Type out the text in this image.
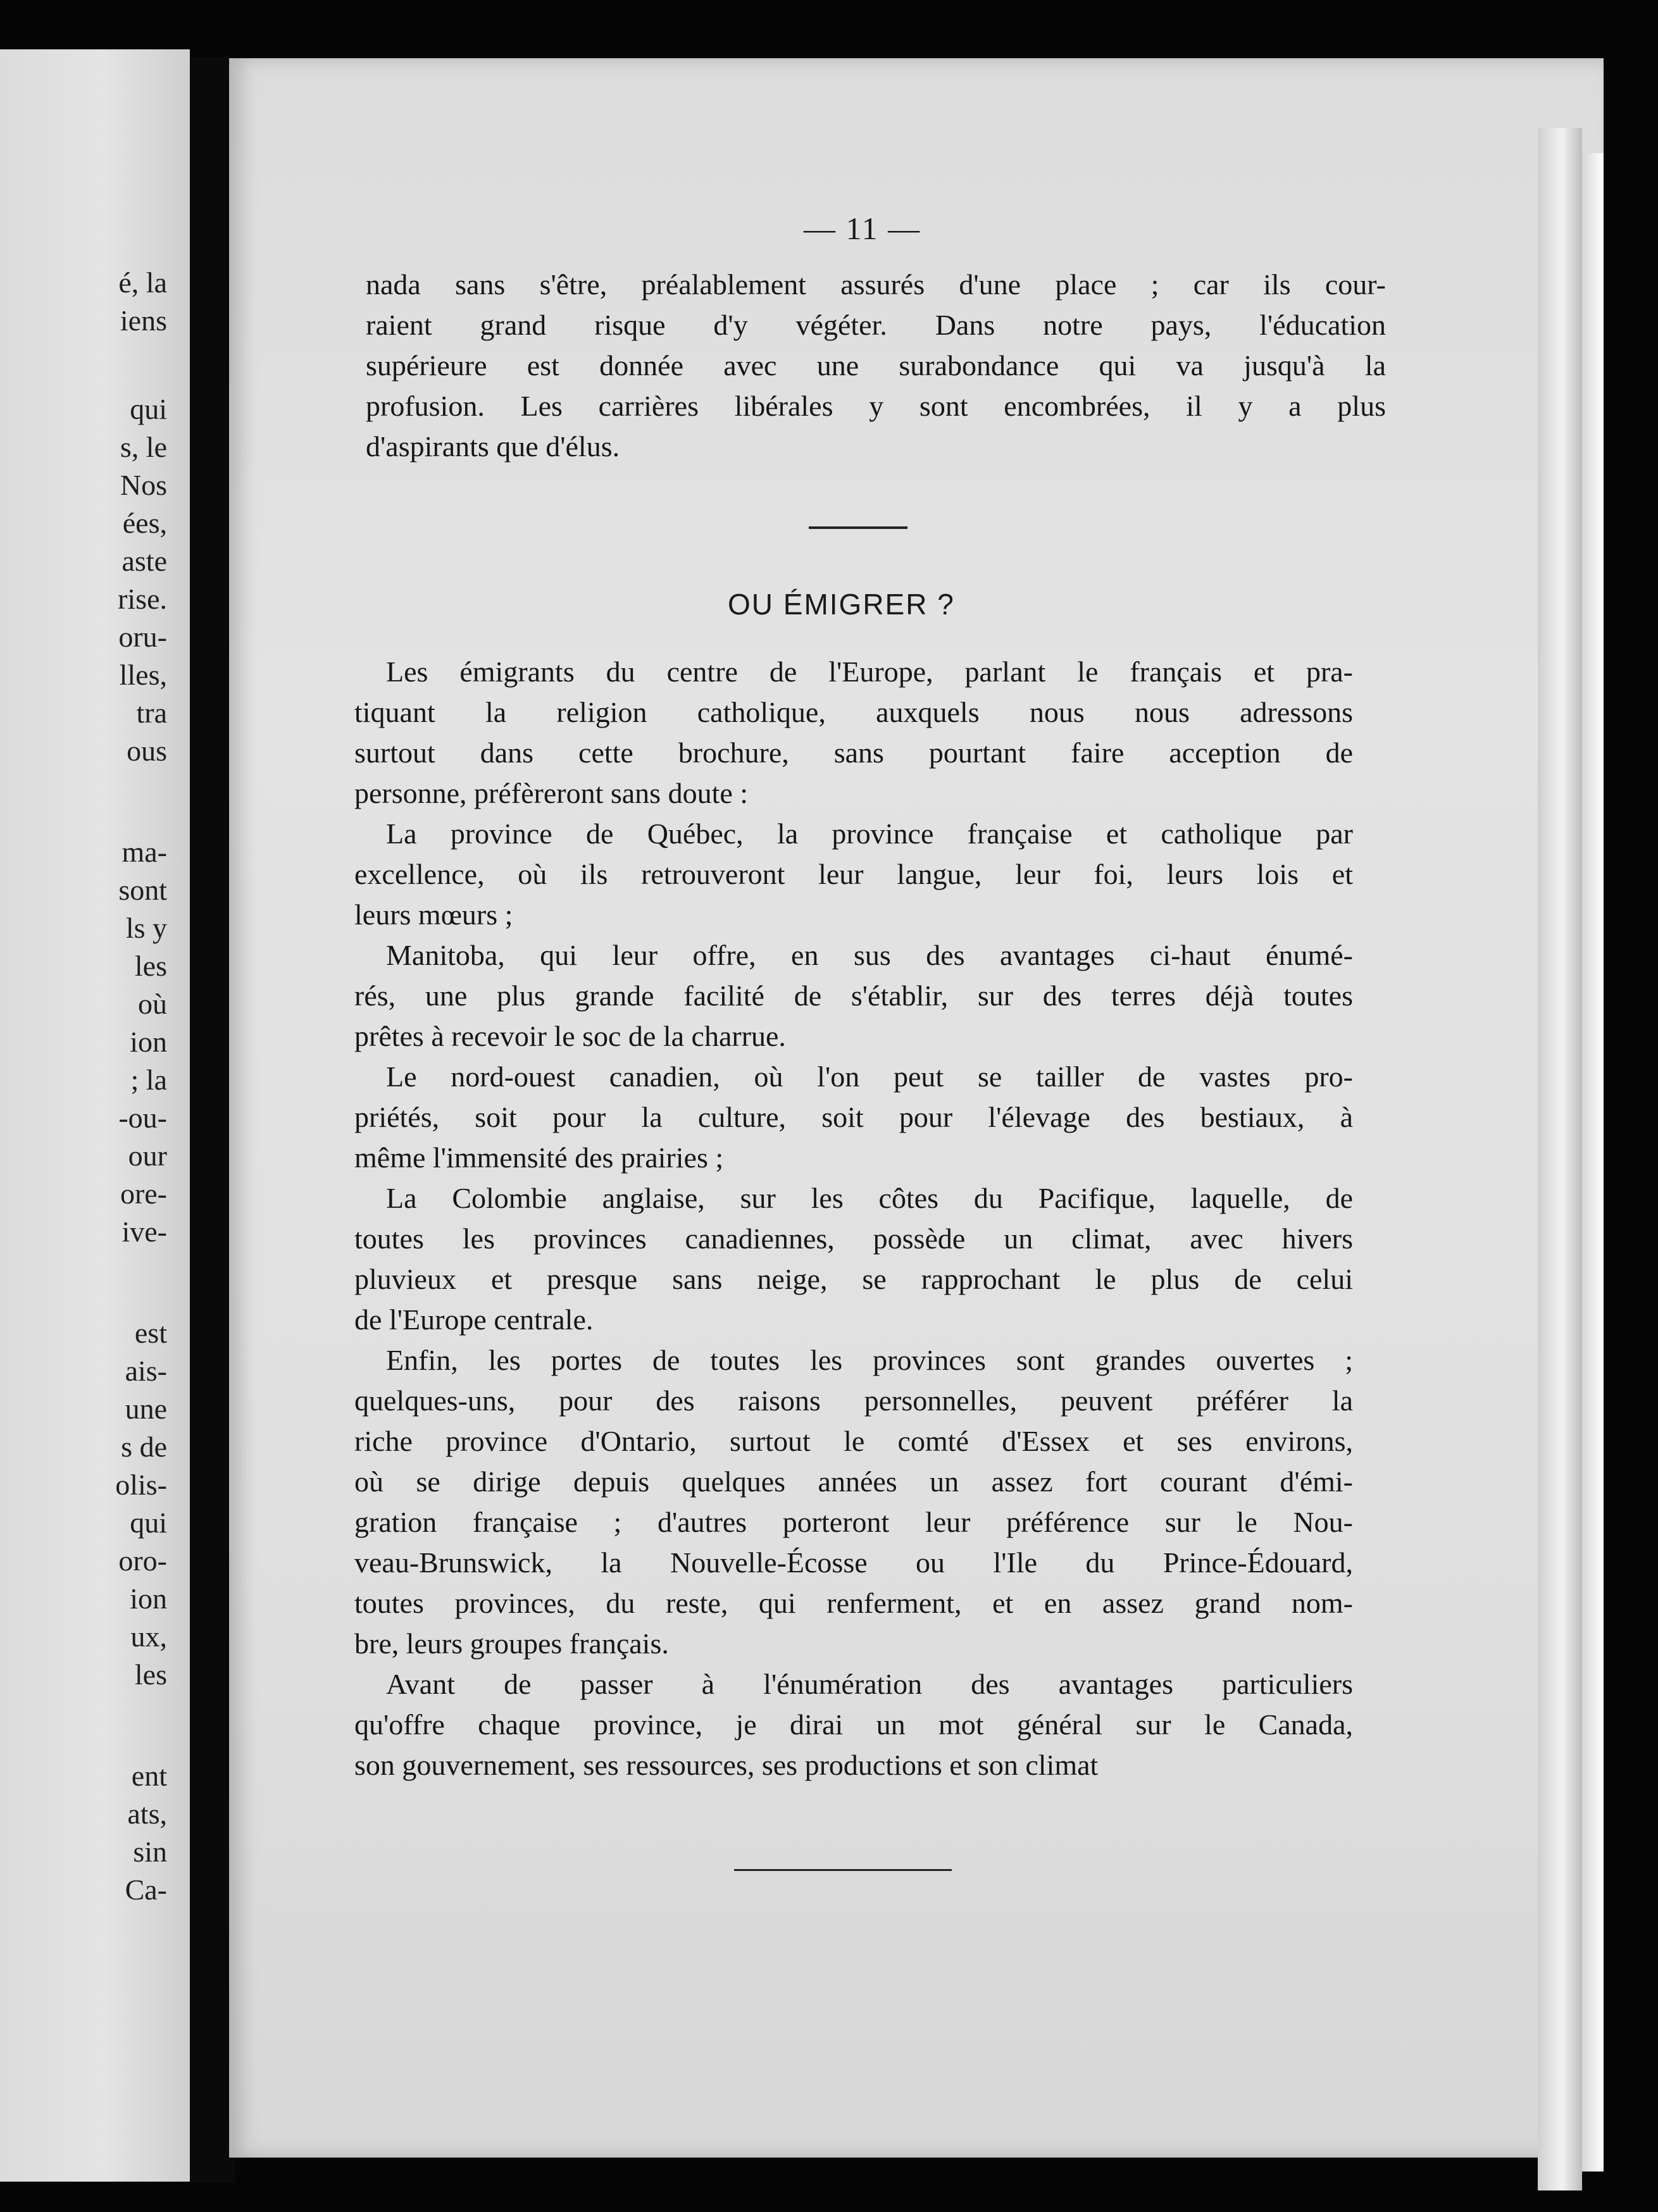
é, la
iens
qui
s, le
Nos
ées,
aste
rise.
oru-
lles,
tra
ous
ma-
sont
ls y
les
où
ion
; la
-ou-
our
ore-
ive-
est
ais-
une
s de
olis-
qui
oro-
ion
ux,
les
ent
ats,
sin
Ca-
— 11 —
nada sans s'être, préalablement assurés d'une place ; car ils cour-
raient grand risque d'y végéter. Dans notre pays, l'éducation
supérieure est donnée avec une surabondance qui va jusqu'à la
profusion. Les carrières libérales y sont encombrées, il y a plus
d'aspirants que d'élus.
OU ÉMIGRER ?
Les émigrants du centre de l'Europe, parlant le français et pra-
tiquant la religion catholique, auxquels nous nous adressons
surtout dans cette brochure, sans pourtant faire acception de
personne, préfèreront sans doute :
La province de Québec, la province française et catholique par
excellence, où ils retrouveront leur langue, leur foi, leurs lois et
leurs mœurs ;
Manitoba, qui leur offre, en sus des avantages ci-haut énumé-
rés, une plus grande facilité de s'établir, sur des terres déjà toutes
prêtes à recevoir le soc de la charrue.
Le nord-ouest canadien, où l'on peut se tailler de vastes pro-
priétés, soit pour la culture, soit pour l'élevage des bestiaux, à
même l'immensité des prairies ;
La Colombie anglaise, sur les côtes du Pacifique, laquelle, de
toutes les provinces canadiennes, possède un climat, avec hivers
pluvieux et presque sans neige, se rapprochant le plus de celui
de l'Europe centrale.
Enfin, les portes de toutes les provinces sont grandes ouvertes ;
quelques-uns, pour des raisons personnelles, peuvent préférer la
riche province d'Ontario, surtout le comté d'Essex et ses environs,
où se dirige depuis quelques années un assez fort courant d'émi-
gration française ; d'autres porteront leur préférence sur le Nou-
veau-Brunswick, la Nouvelle-Écosse ou l'Ile du Prince-Édouard,
toutes provinces, du reste, qui renferment, et en assez grand nom-
bre, leurs groupes français.
Avant de passer à l'énumération des avantages particuliers
qu'offre chaque province, je dirai un mot général sur le Canada,
son gouvernement, ses ressources, ses productions et son climat
